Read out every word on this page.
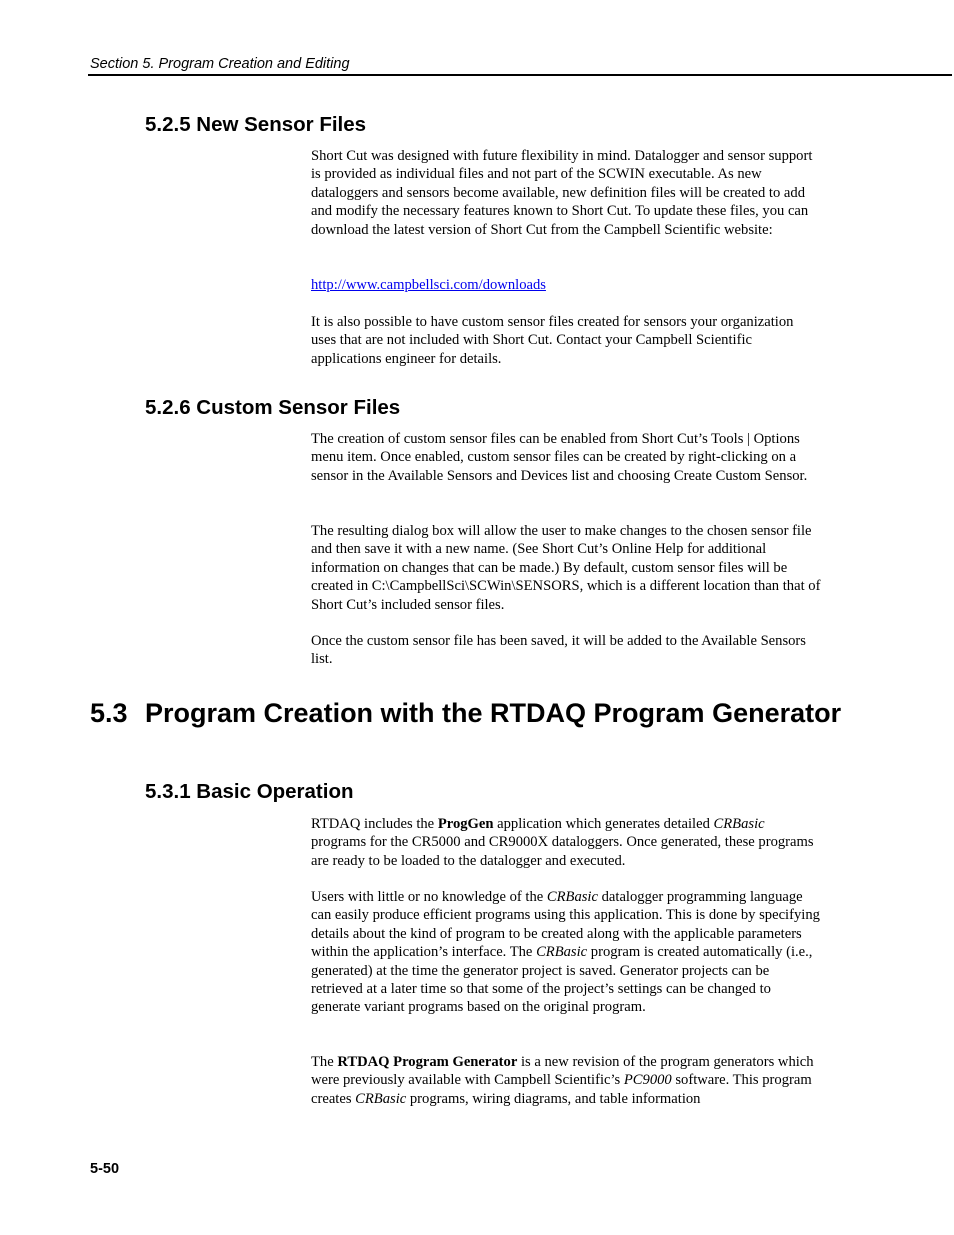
Section 5. Program Creation and Editing
5.2.5 New Sensor Files

Short Cut was designed with future flexibility in mind. Datalogger and sensor support is provided as individual files and not part of the SCWIN executable. As new dataloggers and sensors become available, new definition files will be created to add and modify the necessary features known to Short Cut. To update these files, you can download the latest version of Short Cut from the Campbell Scientific website:

http://www.campbellsci.com/downloads

It is also possible to have custom sensor files created for sensors your organization uses that are not included with Short Cut. Contact your Campbell Scientific applications engineer for details.

5.2.6 Custom Sensor Files

The creation of custom sensor files can be enabled from Short Cut’s Tools | Options menu item. Once enabled, custom sensor files can be created by right-clicking on a sensor in the Available Sensors and Devices list and choosing Create Custom Sensor.

The resulting dialog box will allow the user to make changes to the chosen sensor file and then save it with a new name. (See Short Cut’s Online Help for additional information on changes that can be made.) By default, custom sensor files will be created in C:\CampbellSci\SCWin\SENSORS, which is a different location than that of Short Cut’s included sensor files.

Once the custom sensor file has been saved, it will be added to the Available Sensors list.

5.3 Program Creation with the RTDAQ Program Generator
5.3.1 Basic Operation

RTDAQ includes the ProgGen application which generates detailed CRBasic programs for the CR5000 and CR9000X dataloggers. Once generated, these programs are ready to be loaded to the datalogger and executed.

Users with little or no knowledge of the CRBasic datalogger programming language can easily produce efficient programs using this application. This is done by specifying details about the kind of program to be created along with the applicable parameters within the application’s interface. The CRBasic program is created automatically (i.e., generated) at the time the generator project is saved. Generator projects can be retrieved at a later time so that some of the project’s settings can be changed to generate variant programs based on the original program.

The RTDAQ Program Generator is a new revision of the program generators which were previously available with Campbell Scientific’s PC9000 software. This program creates CRBasic programs, wiring diagrams, and table information

5-50
